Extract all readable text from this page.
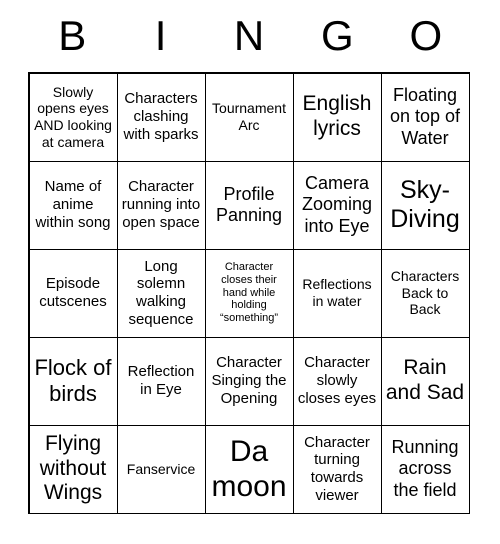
B	I	N	G	O
Slowly opens eyes AND looking at camera
Characters clashing with sparks
Tournament Arc
English lyrics
Floating on top of Water
Name of anime within song
Character running into open space
Profile Panning
Camera Zooming into Eye
Sky-Diving
Episode cutscenes
Long solemn walking sequence
Character closes their hand while holding “something”
Reflections in water
Characters Back to Back
Flock of birds
Reflection in Eye
Character Singing the Opening
Character slowly closes eyes
Rain and Sad
Flying without Wings
Fanservice
Da moon
Character turning towards viewer
Running across the field
